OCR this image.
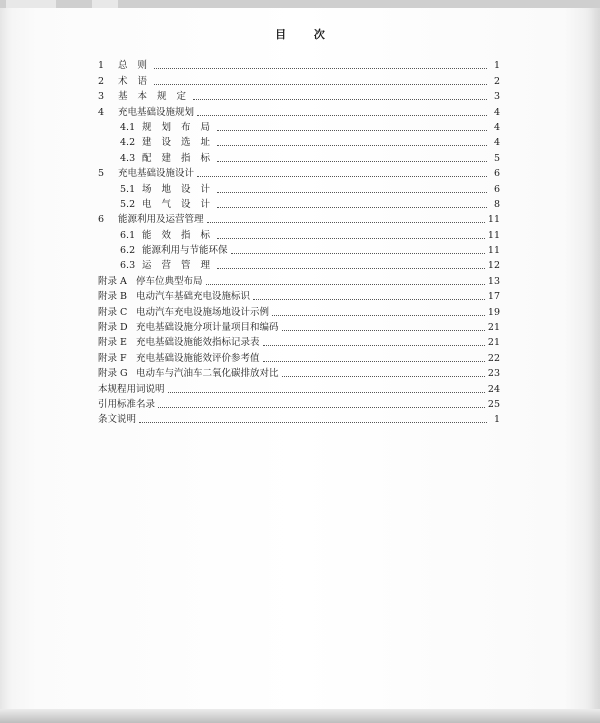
目 次
1	总 则	1
2	术 语	2
3	基 本 规 定	3
4	充电基础设施规划	4
4.1 规 划 布 局	4
4.2 建 设 选 址	4
4.3 配 建 指 标	5
5	充电基础设施设计	6
5.1 场 地 设 计	6
5.2 电 气 设 计	8
6	能源利用及运营管理	11
6.1 能 效 指 标	11
6.2 能源利用与节能环保	11
6.3 运 营 管 理	12
附录 A 停车位典型布局	13
附录 B 电动汽车基础充电设施标识	17
附录 C 电动汽车充电设施场地设计示例	19
附录 D 充电基础设施分项计量项目和编码	21
附录 E 充电基础设施能效指标记录表	21
附录 F 充电基础设施能效评价参考值	22
附录 G 电动车与汽油车二氧化碳排放对比	23
本规程用词说明	24
引用标准名录	25
条文说明	1
